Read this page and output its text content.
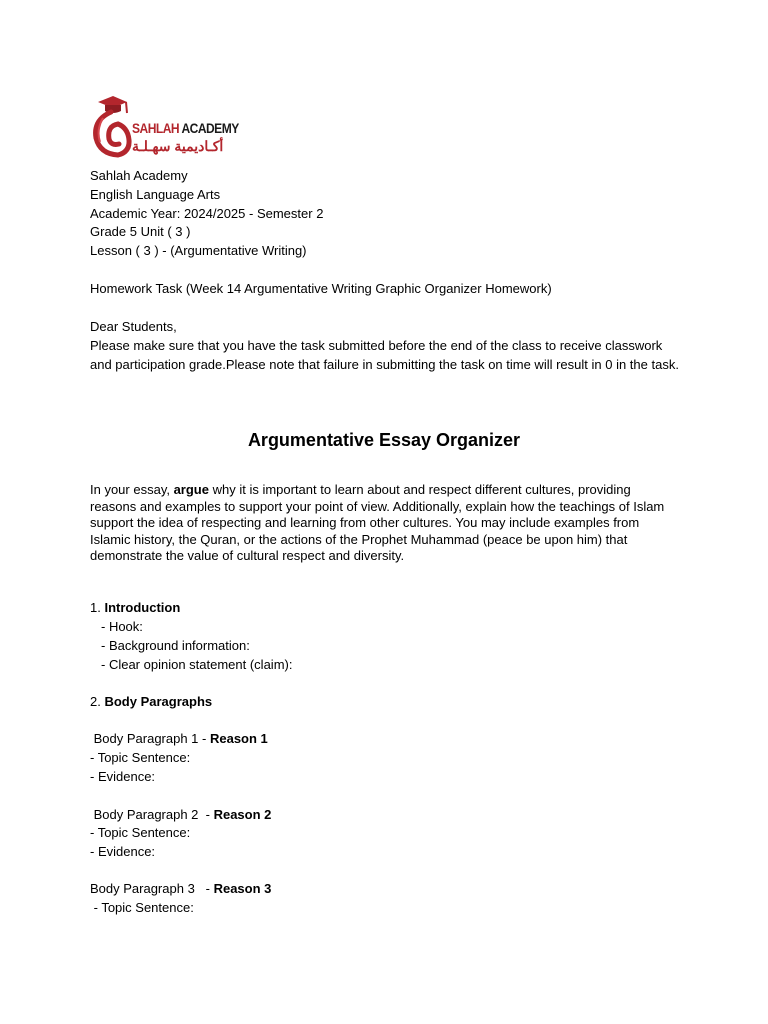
SAHLAH ACADEMY
أكـاديمية سهـلـة
Sahlah Academy
English Language Arts
Academic Year: 2024/2025 - Semester 2
Grade 5 Unit ( 3 )
Lesson ( 3 ) - (Argumentative Writing)
Homework Task (Week 14 Argumentative Writing Graphic Organizer Homework)
Dear Students,
Please make sure that you have the task submitted before the end of the class to receive classwork and participation grade.Please note that failure in submitting the task on time will result in 0 in the task.
Argumentative Essay Organizer
In your essay, argue why it is important to learn about and respect different cultures, providing reasons and examples to support your point of view. Additionally, explain how the teachings of Islam support the idea of respecting and learning from other cultures. You may include examples from Islamic history, the Quran, or the actions of the Prophet Muhammad (peace be upon him) that demonstrate the value of cultural respect and diversity.
1. Introduction
- Hook:
- Background information:
- Clear opinion statement (claim):
2. Body Paragraphs
Body Paragraph 1 - Reason 1
- Topic Sentence:
- Evidence:
Body Paragraph 2  - Reason 2
- Topic Sentence:
- Evidence:
Body Paragraph 3   - Reason 3
- Topic Sentence:
